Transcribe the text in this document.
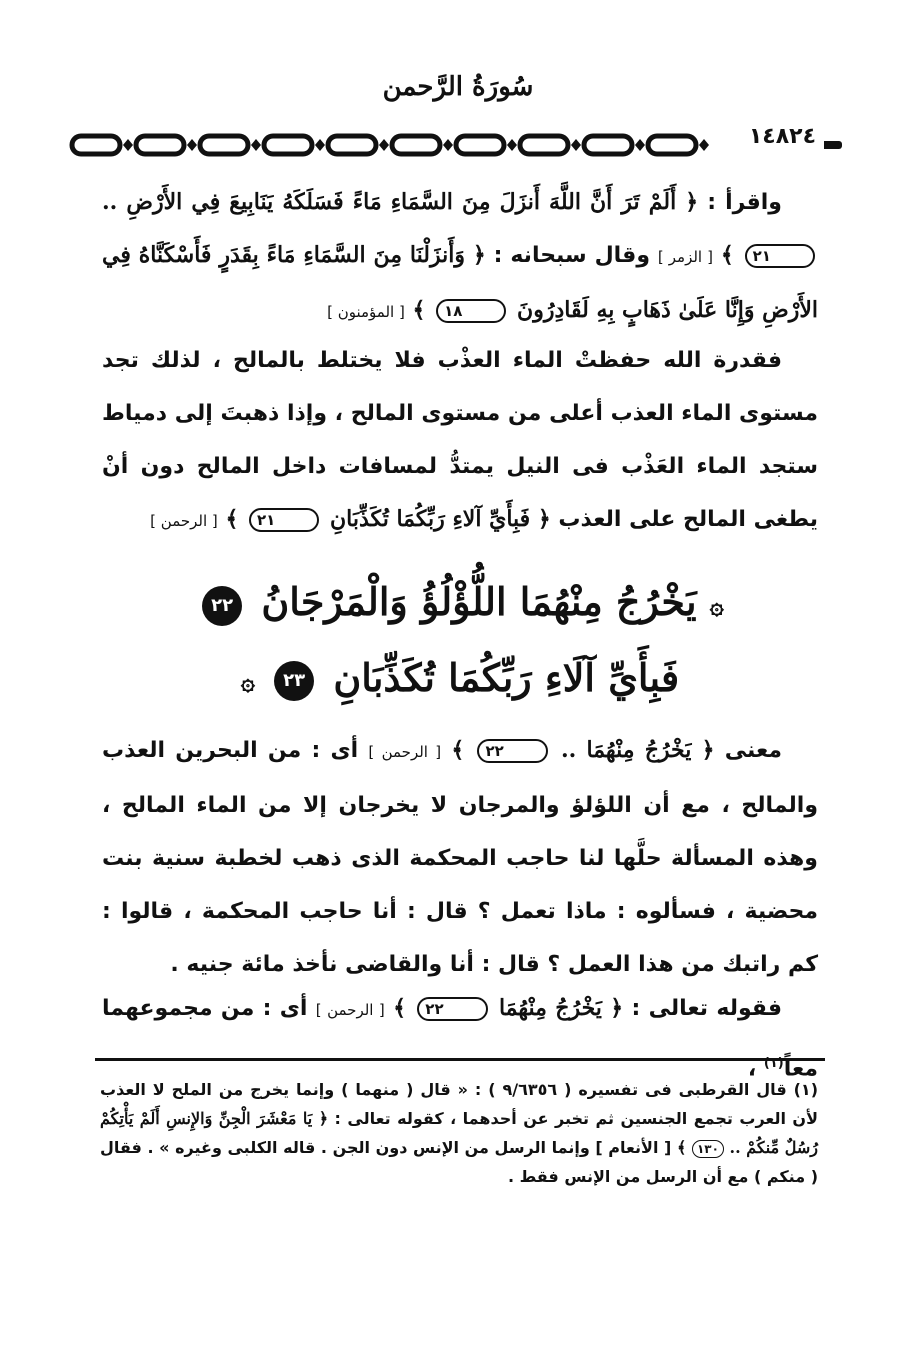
سُورَةُ الرَّحمن
١٤٨٢٤

واقرأ : ﴿ أَلَمْ تَرَ أَنَّ اللَّهَ أَنزَلَ مِنَ السَّمَاءِ مَاءً فَسَلَكَهُ يَنَابِيعَ فِي الأَرْضِ .. ٢١ ﴾ [ الزمر ] وقال سبحانه : ﴿ وَأَنزَلْنَا مِنَ السَّمَاءِ مَاءً بِقَدَرٍ فَأَسْكَنَّاهُ فِي الأَرْضِ وَإِنَّا عَلَىٰ ذَهَابٍ بِهِ لَقَادِرُونَ ١٨ ﴾ [ المؤمنون ]

فقدرة الله حفظتْ الماء العذْب فلا يختلط بالمالح ، لذلك تجد مستوى الماء العذب أعلى من مستوى المالح ، وإذا ذهبتَ إلى دمياط ستجد الماء العَذْب فى النيل يمتدُّ لمسافات داخل المالح دون أنْ يطغى المالح على العذب ﴿ فَبِأَيِّ آلاءِ رَبِّكُمَا تُكَذِّبَانِ ٢١ ﴾ [ الرحمن ]

۞ يَخْرُجُ مِنْهُمَا اللُّؤْلُؤُ وَالْمَرْجَانُ ٢٢
فَبِأَيِّ آلَاءِ رَبِّكُمَا تُكَذِّبَانِ ٢٣ ۞

معنى ﴿ يَخْرُجُ مِنْهُمَا .. ٢٢ ﴾ [ الرحمن ] أى : من البحرين العذب والمالح ، مع أن اللؤلؤ والمرجان لا يخرجان إلا من الماء المالح ، وهذه المسألة حلَّها لنا حاجب المحكمة الذى ذهب لخطبة سنية بنت محضية ، فسألوه : ماذا تعمل ؟ قال : أنا حاجب المحكمة ، قالوا : كم راتبك من هذا العمل ؟ قال : أنا والقاضى نأخذ مائة جنيه .

فقوله تعالى : ﴿ يَخْرُجُ مِنْهُمَا ٢٢ ﴾ [ الرحمن ] أى : من مجموعهما معاً$^{(١)}$ ،

(١) قال القرطبى فى تفسيره ( ٩/٦٣٥٦ ) : « قال ( منهما ) وإنما يخرج من الملح لا العذب لأن العرب تجمع الجنسين ثم تخبر عن أحدهما ، كقوله تعالى : ﴿ يَا مَعْشَرَ الْجِنِّ وَالإِنسِ أَلَمْ يَأْتِكُمْ رُسُلٌ مِّنكُمْ .. ١٣٠ ﴾ [ الأنعام ] وإنما الرسل من الإنس دون الجن . قاله الكلبى وغيره » . فقال ( منكم ) مع أن الرسل من الإنس فقط .
